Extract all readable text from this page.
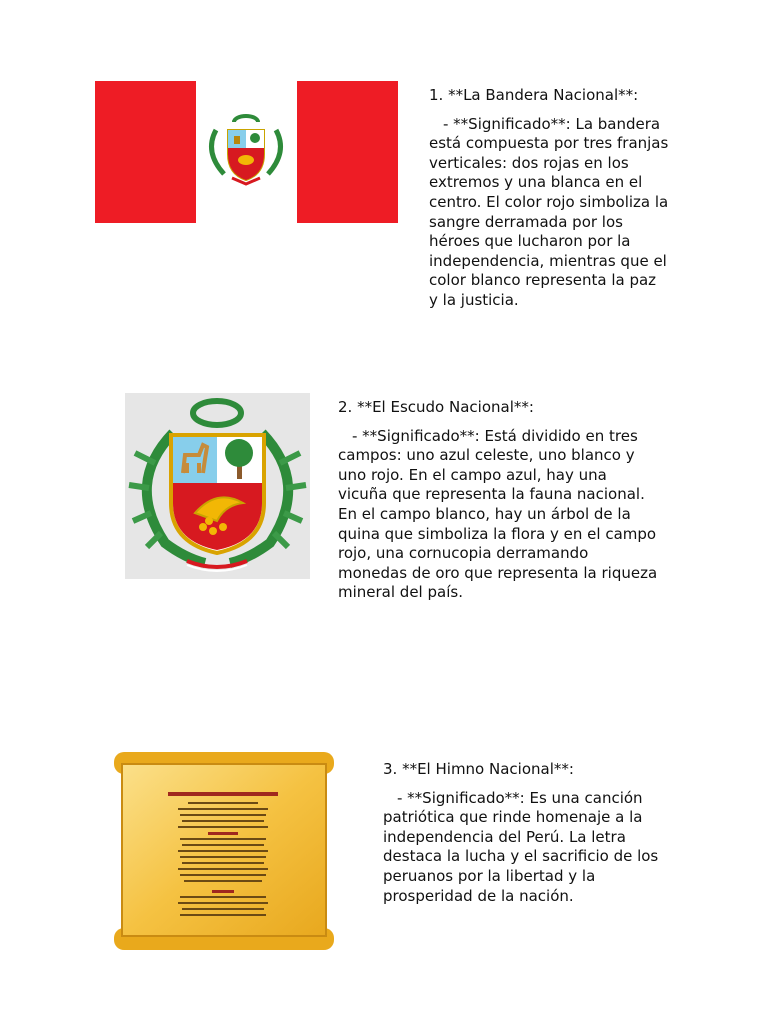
1. **La Bandera Nacional**:

- **Significado**: La bandera está compuesta por tres franjas verticales: dos rojas en los extremos y una blanca en el centro. El color rojo simboliza la sangre derramada por los héroes que lucharon por la independencia, mientras que el color blanco representa la paz y la justicia.

2. **El Escudo Nacional**:

- **Significado**: Está dividido en tres campos: uno azul celeste, uno blanco y uno rojo. En el campo azul, hay una vicuña que representa la fauna nacional. En el campo blanco, hay un árbol de la quina que simboliza la flora y en el campo rojo, una cornucopia derramando monedas de oro que representa la riqueza mineral del país.

3. **El Himno Nacional**:

- **Significado**: Es una canción patriótica que rinde homenaje a la independencia del Perú. La letra destaca la lucha y el sacrificio de los peruanos por la libertad y la prosperidad de la nación.
